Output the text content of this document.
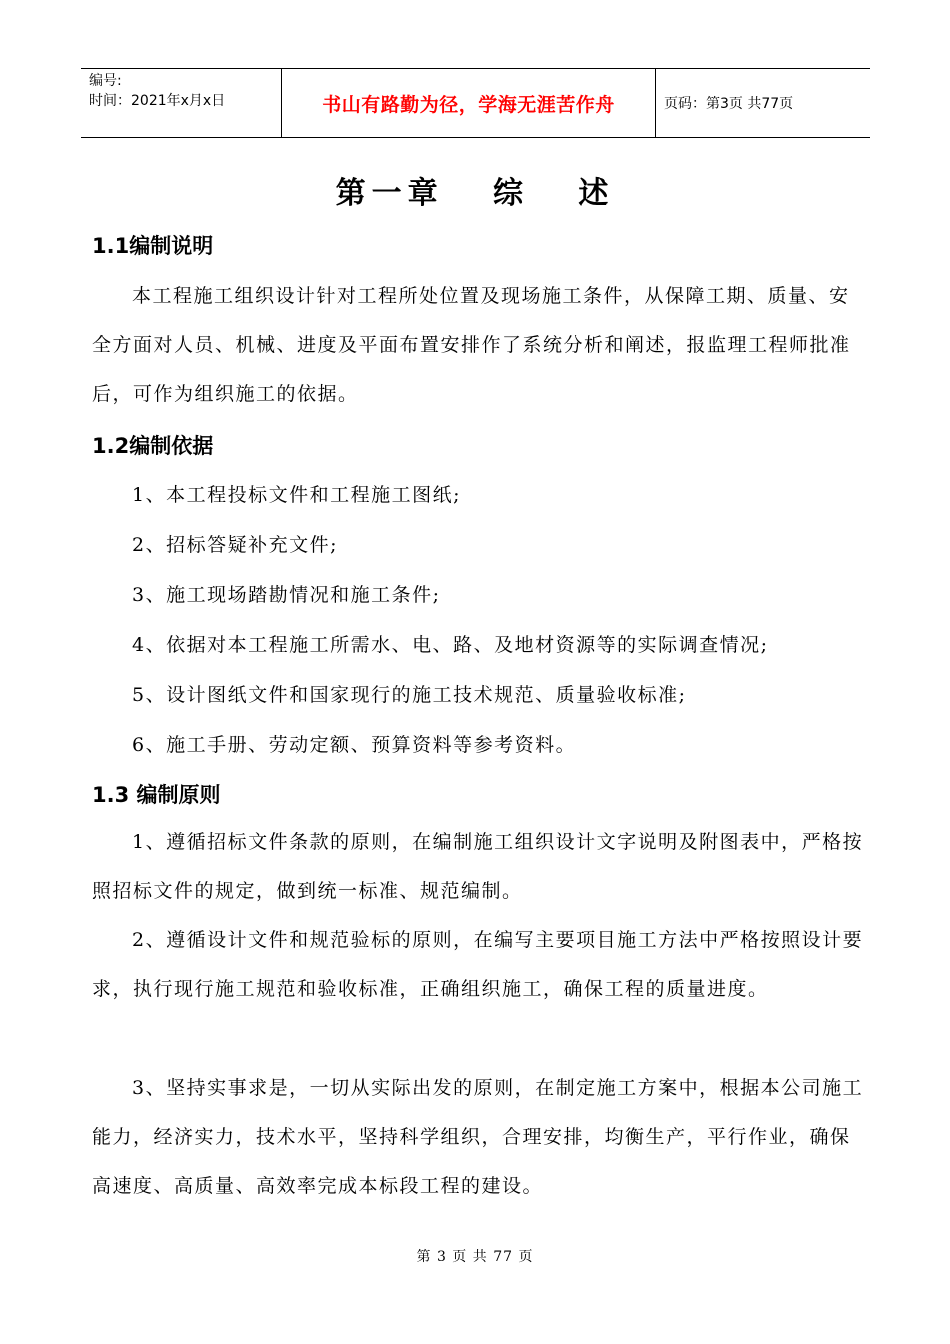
编号:
时间：2021年x月x日	书山有路勤为径，学海无涯苦作舟	页码：第3页 共77页
第一章   综   述
1.1编制说明
本工程施工组织设计针对工程所处位置及现场施工条件，从保障工期、质量、安全方面对人员、机械、进度及平面布置安排作了系统分析和阐述，报监理工程师批准后，可作为组织施工的依据。
1.2编制依据
1、本工程投标文件和工程施工图纸;
2、招标答疑补充文件;
3、施工现场踏勘情况和施工条件;
4、依据对本工程施工所需水、电、路、及地材资源等的实际调查情况;
5、设计图纸文件和国家现行的施工技术规范、质量验收标准;
6、施工手册、劳动定额、预算资料等参考资料。
1.3 编制原则
1、遵循招标文件条款的原则，在编制施工组织设计文字说明及附图表中，严格按照招标文件的规定，做到统一标准、规范编制。
2、遵循设计文件和规范验标的原则，在编写主要项目施工方法中严格按照设计要求，执行现行施工规范和验收标准，正确组织施工，确保工程的质量进度。
3、坚持实事求是，一切从实际出发的原则，在制定施工方案中，根据本公司施工能力，经济实力，技术水平，坚持科学组织，合理安排，均衡生产，平行作业，确保高速度、高质量、高效率完成本标段工程的建设。
第 3 页 共 77 页
